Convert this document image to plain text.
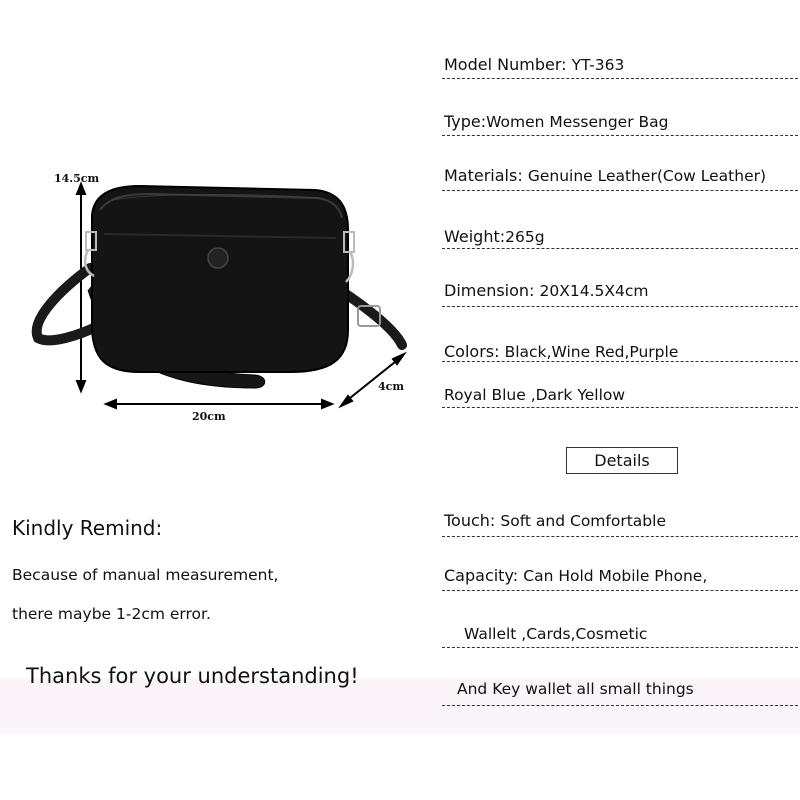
14.5cm
20cm
4cm
Model Number: YT-363
Type:Women Messenger Bag
Materials: Genuine Leather(Cow Leather)
Weight:265g
Dimension: 20X14.5X4cm
Colors: Black,Wine Red,Purple
Royal Blue ,Dark Yellow
Details
Touch: Soft and Comfortable
Capacity: Can Hold Mobile Phone,
Wallelt ,Cards,Cosmetic
And Key wallet all small things
Kindly Remind:
Because of manual measurement,
there maybe 1-2cm error.
Thanks for your understanding!
